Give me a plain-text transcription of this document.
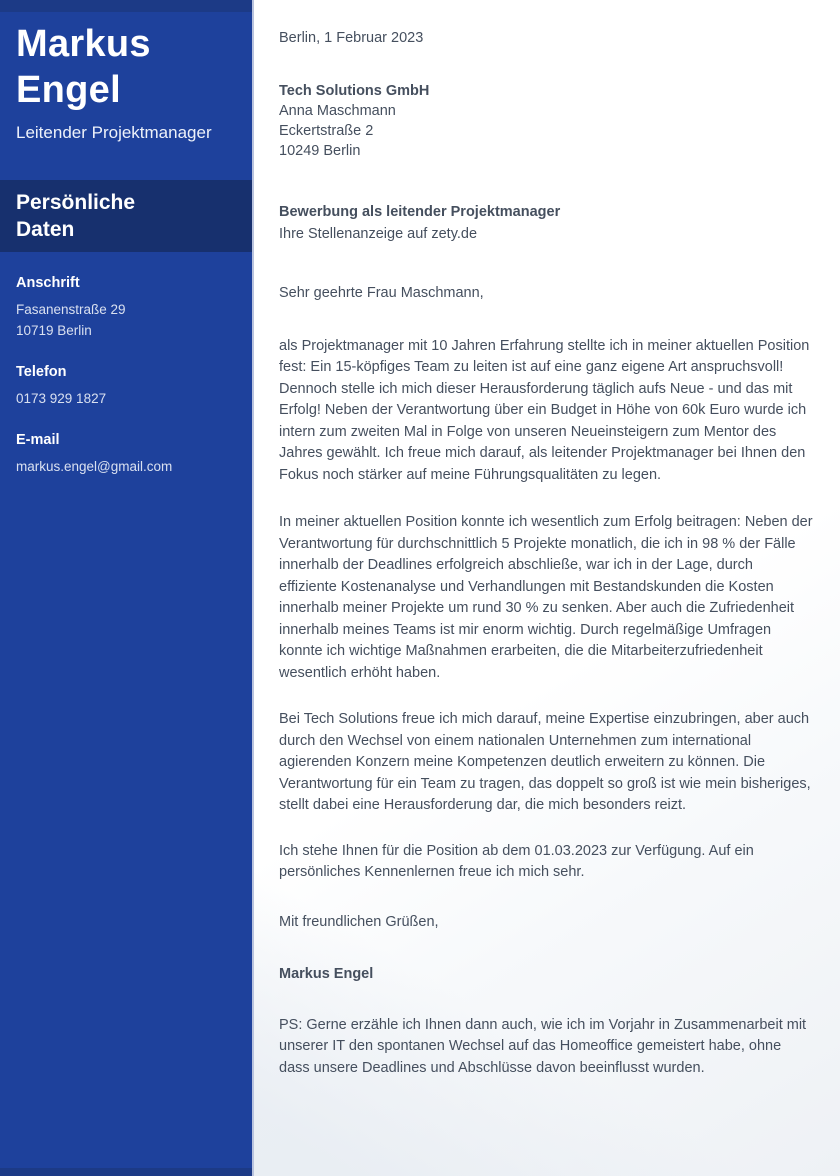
Markus Engel
Leitender Projektmanager
Persönliche Daten
Anschrift
Fasanenstraße 29
10719 Berlin
Telefon
0173 929 1827
E-mail
markus.engel@gmail.com

Berlin, 1 Februar 2023

Tech Solutions GmbH
Anna Maschmann
Eckertstraße 2
10249 Berlin
Bewerbung als leitender Projektmanager
Ihre Stellenanzeige auf zety.de

Sehr geehrte Frau Maschmann,

als Projektmanager mit 10 Jahren Erfahrung stellte ich in meiner aktuellen Position fest: Ein 15-köpfiges Team zu leiten ist auf eine ganz eigene Art anspruchsvoll! Dennoch stelle ich mich dieser Herausforderung täglich aufs Neue - und das mit Erfolg! Neben der Verantwortung über ein Budget in Höhe von 60k Euro wurde ich intern zum zweiten Mal in Folge von unseren Neueinsteigern zum Mentor des Jahres gewählt. Ich freue mich darauf, als leitender Projektmanager bei Ihnen den Fokus noch stärker auf meine Führungsqualitäten zu legen.

In meiner aktuellen Position konnte ich wesentlich zum Erfolg beitragen: Neben der Verantwortung für durchschnittlich 5 Projekte monatlich, die ich in 98 % der Fälle innerhalb der Deadlines erfolgreich abschließe, war ich in der Lage, durch effiziente Kostenanalyse und Verhandlungen mit Bestandskunden die Kosten innerhalb meiner Projekte um rund 30 % zu senken. Aber auch die Zufriedenheit innerhalb meines Teams ist mir enorm wichtig. Durch regelmäßige Umfragen konnte ich wichtige Maßnahmen erarbeiten, die die Mitarbeiterzufriedenheit wesentlich erhöht haben.

Bei Tech Solutions freue ich mich darauf, meine Expertise einzubringen, aber auch durch den Wechsel von einem nationalen Unternehmen zum international agierenden Konzern meine Kompetenzen deutlich erweitern zu können. Die Verantwortung für ein Team zu tragen, das doppelt so groß ist wie mein bisheriges, stellt dabei eine Herausforderung dar, die mich besonders reizt.

Ich stehe Ihnen für die Position ab dem 01.03.2023 zur Verfügung. Auf ein persönliches Kennenlernen freue ich mich sehr.

Mit freundlichen Grüßen,

Markus Engel

PS: Gerne erzähle ich Ihnen dann auch, wie ich im Vorjahr in Zusammenarbeit mit unserer IT den spontanen Wechsel auf das Homeoffice gemeistert habe, ohne dass unsere Deadlines und Abschlüsse davon beeinflusst wurden.
